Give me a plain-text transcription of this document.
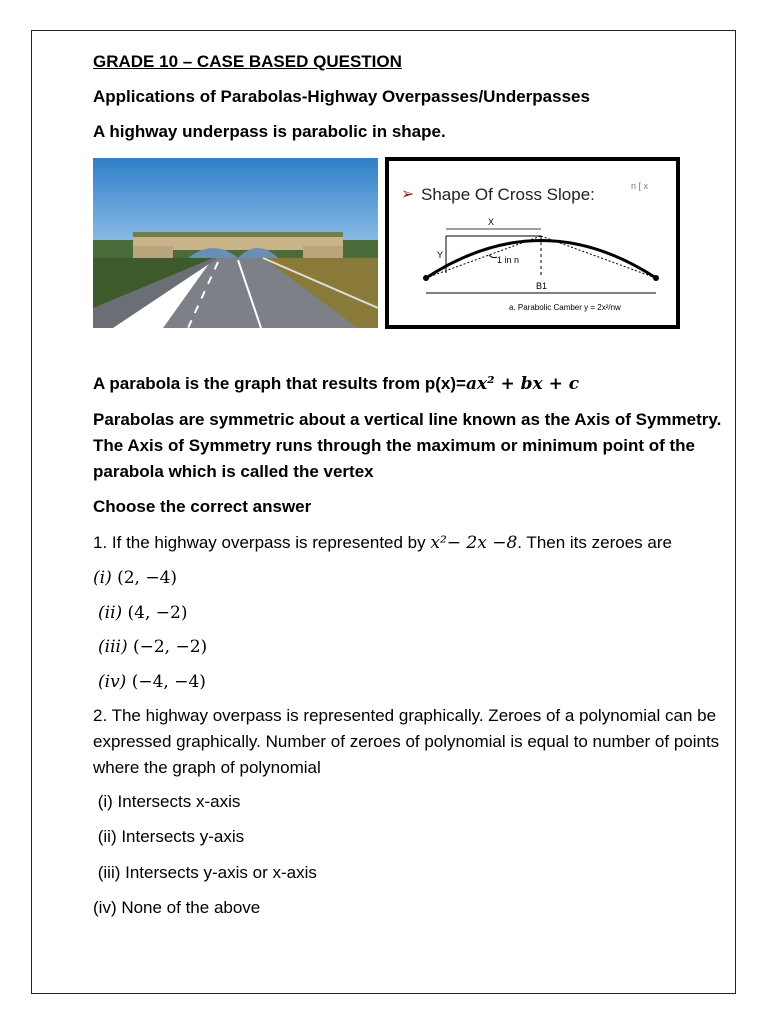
GRADE 10 – CASE BASED QUESTION
Applications of Parabolas-Highway Overpasses/Underpasses
A highway underpass is parabolic in shape.
➢ Shape Of Cross Slope:	n [ x
X
Y	1 in n
B1
a. Parabolic Camber y = 2x²/nw
A parabola is the graph that results from p(x)=ax² + bx + c
Parabolas are symmetric about a vertical line known as the Axis of Symmetry. The Axis of Symmetry runs through the maximum or minimum point of the parabola which is called the vertex
Choose the correct answer
1. If the highway overpass is represented by x²− 2x −8. Then its zeroes are
(i) (2, −4)
(ii) (4, −2)
(iii) (−2, −2)
(iv) (−4, −4)
2. The highway overpass is represented graphically. Zeroes of a polynomial can be expressed graphically. Number of zeroes of polynomial is equal to number of points where the graph of polynomial
(i) Intersects x-axis
(ii) Intersects y-axis
(iii) Intersects y-axis or x-axis
(iv) None of the above
